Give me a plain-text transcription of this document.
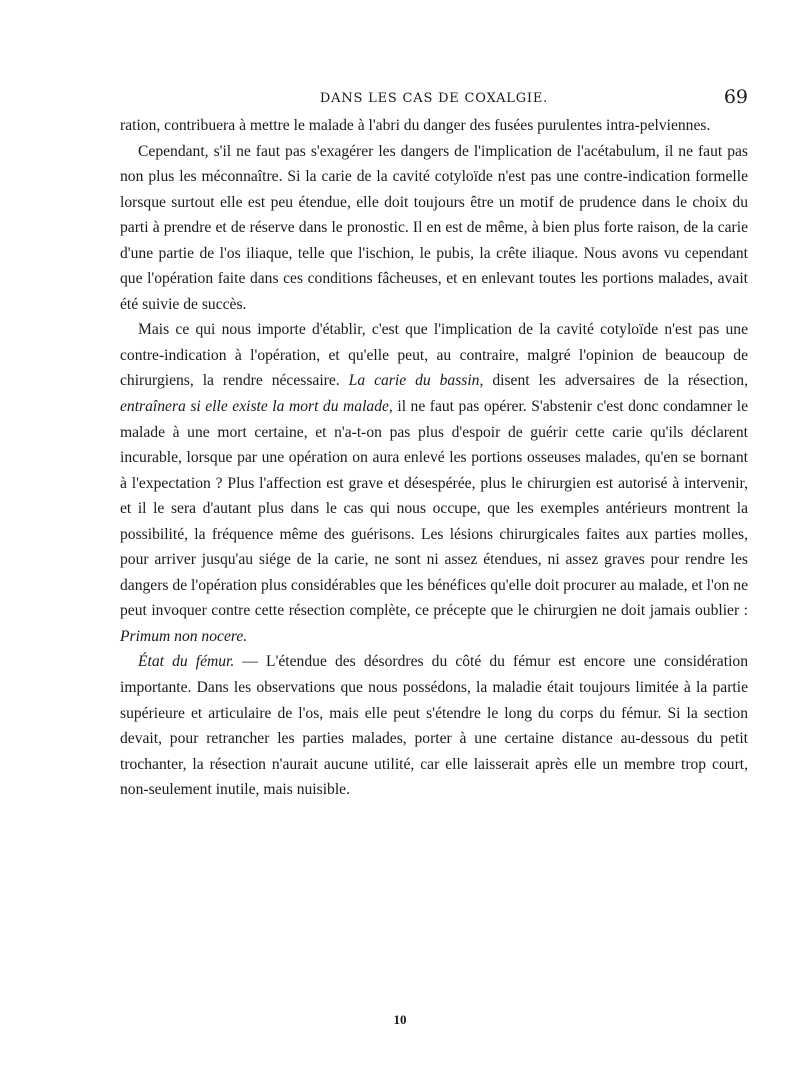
DANS LES CAS DE COXALGIE.	69

ration, contribuera à mettre le malade à l'abri du danger des fusées purulentes intra-pelviennes.

Cependant, s'il ne faut pas s'exagérer les dangers de l'implication de l'acétabulum, il ne faut pas non plus les méconnaître. Si la carie de la cavité cotyloïde n'est pas une contre-indication formelle lorsque surtout elle est peu étendue, elle doit toujours être un motif de prudence dans le choix du parti à prendre et de réserve dans le pronostic. Il en est de même, à bien plus forte raison, de la carie d'une partie de l'os iliaque, telle que l'ischion, le pubis, la crête iliaque. Nous avons vu cependant que l'opération faite dans ces conditions fâcheuses, et en enlevant toutes les portions malades, avait été suivie de succès.

Mais ce qui nous importe d'établir, c'est que l'implication de la cavité cotyloïde n'est pas une contre-indication à l'opération, et qu'elle peut, au contraire, malgré l'opinion de beaucoup de chirurgiens, la rendre nécessaire. La carie du bassin, disent les adversaires de la résection, entraînera si elle existe la mort du malade, il ne faut pas opérer. S'abstenir c'est donc condamner le malade à une mort certaine, et n'a-t-on pas plus d'espoir de guérir cette carie qu'ils déclarent incurable, lorsque par une opération on aura enlevé les portions osseuses malades, qu'en se bornant à l'expectation ? Plus l'affection est grave et désespérée, plus le chirurgien est autorisé à intervenir, et il le sera d'autant plus dans le cas qui nous occupe, que les exemples antérieurs montrent la possibilité, la fréquence même des guérisons. Les lésions chirurgicales faites aux parties molles, pour arriver jusqu'au siége de la carie, ne sont ni assez étendues, ni assez graves pour rendre les dangers de l'opération plus considérables que les bénéfices qu'elle doit procurer au malade, et l'on ne peut invoquer contre cette résection complète, ce précepte que le chirurgien ne doit jamais oublier : Primum non nocere.

État du fémur. — L'étendue des désordres du côté du fémur est encore une considération importante. Dans les observations que nous possédons, la maladie était toujours limitée à la partie supérieure et articulaire de l'os, mais elle peut s'étendre le long du corps du fémur. Si la section devait, pour retrancher les parties malades, porter à une certaine distance au-dessous du petit trochanter, la résection n'aurait aucune utilité, car elle laisserait après elle un membre trop court, non-seulement inutile, mais nuisible.

10
